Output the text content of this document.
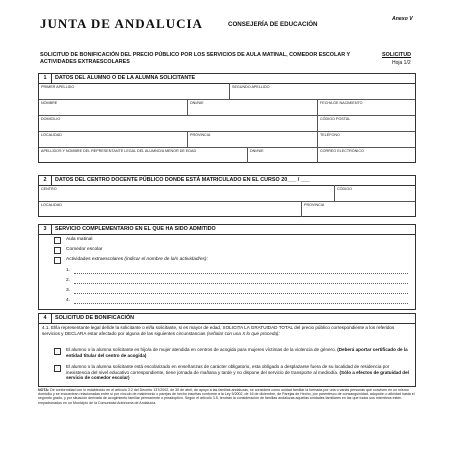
JUNTA DE ANDALUCIA	CONSEJERÍA DE EDUCACIÓN
Anexo V
SOLICITUD DE BONIFICACIÓN DEL PRECIO PÚBLICO POR LOS SERVICIOS DE AULA MATINAL, COMEDOR ESCOLAR Y ACTIVIDADES EXTRAESCOLARES
SOLICITUD
Hoja 1/2
1	DATOS DEL ALUMNO O DE LA ALUMNA SOLICITANTE
PRIMER APELLIDO	SEGUNDO APELLIDO
NOMBRE	DNI/NIE	FECHA DE NACIMIENTO
DOMICILIO	CÓDIGO POSTAL
LOCALIDAD	PROVINCIA	TELÉFONO
APELLIDOS Y NOMBRE DEL REPRESENTANTE LEGAL DEL ALUMNO/A MENOR DE EDAD	DNI/NIE	CORREO ELECTRÓNICO
2	DATOS DEL CENTRO DOCENTE PÚBLICO DONDE ESTÁ MATRICULADO EN EL CURSO 20___ / ___
CENTRO	CÓDIGO
LOCALIDAD	PROVINCIA
3	SERVICIO COMPLEMENTARIO EN EL QUE HA SIDO ADMITIDO
Aula matinal
Comedor escolar
Actividades extraescolares (indicar el nombre de la/s actividad/es):
1.
2.
3.
4.
4	SOLICITUD DE BONIFICACIÓN
4.1. El/la representante legal del/de la solicitante o el/la solicitante, si es mayor de edad, SOLICITA LA GRATUIDAD TOTAL del precio público correspondiente a los referidos servicios y DECLARA estar afectado por alguna de las siguientes circunstancias (señalar con una X lo que proceda):
El alumno o la alumna solicitante es hijo/a de mujer atendida en centros de acogida para mujeres víctimas de la violencia de género. (Deberá aportar certificado de la entidad titular del centro de acogida)
El alumno o la alumna solicitante está escolarizado en enseñanzas de carácter obligatorio, esta obligado a desplazarse fuera de su localidad de residencia por inexistencia del nivel educativo correspondiente, tiene jornada de mañana y tarde y no dispone del servicio de transporte al mediodía. (Sólo a efectos de gratuidad del servicio de comedor escolar)
NOTA: De conformidad con lo establecido en el artículo 3.2 del Decreto 137/2002, de 30 de abril, de apoyo a las familias andaluzas, se considera como unidad familiar la formada por una o varias personas que conviven en un mismo domicilio y se encuentran relacionadas entre sí por vínculo de matrimonio o parejas de hecho inscritas conforme a la Ley 5/2002, de 16 de diciembre, de Parejas de Hecho, por parentesco de consanguinidad, adopción o afinidad hasta el segundo grado, y por situación derivada de acogimiento familiar permanente o preadoptivo. Según el artículo 3.5, tendrán la consideración de familias andaluzas aquellas unidades familiares en las que todos sus miembros estén empadronados en un Municipio de la Comunidad Autónoma de Andalucía.
